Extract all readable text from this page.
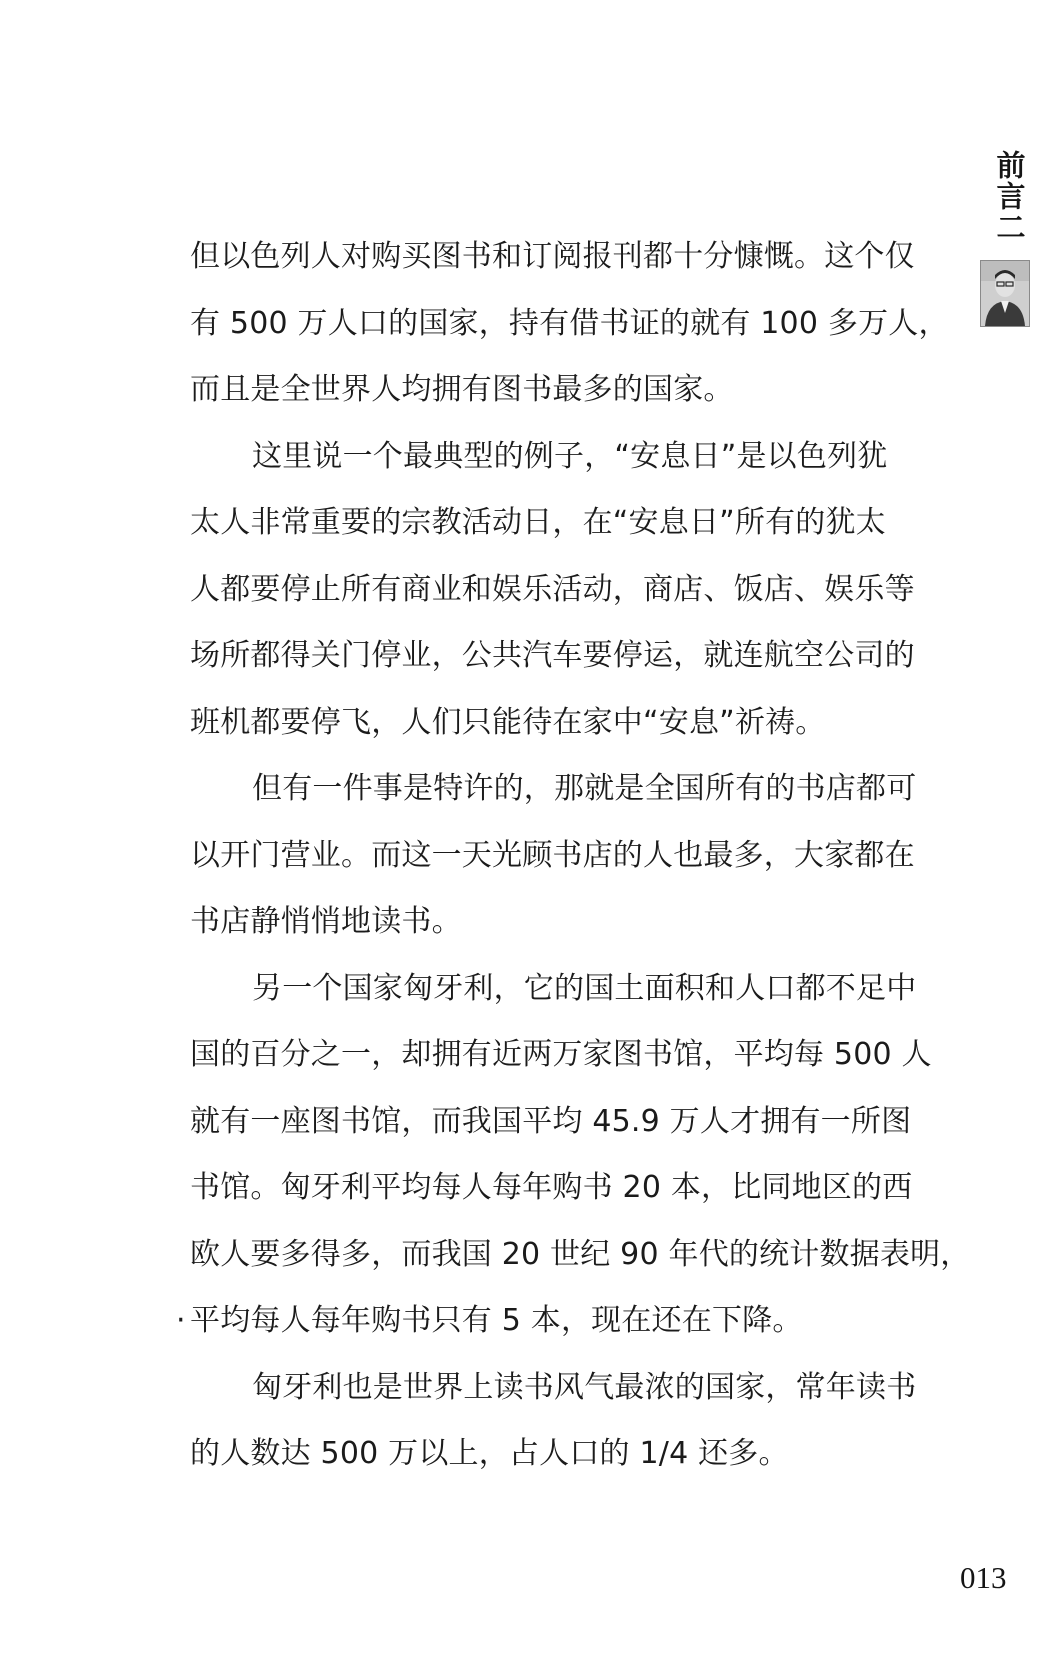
前言二

但以色列人对购买图书和订阅报刊都十分慷慨。这个仅

有 500 万人口的国家，持有借书证的就有 100 多万人，

而且是全世界人均拥有图书最多的国家。

这里说一个最典型的例子，“安息日”是以色列犹

太人非常重要的宗教活动日，在“安息日”所有的犹太

人都要停止所有商业和娱乐活动，商店、饭店、娱乐等

场所都得关门停业，公共汽车要停运，就连航空公司的

班机都要停飞，人们只能待在家中“安息”祈祷。

但有一件事是特许的，那就是全国所有的书店都可

以开门营业。而这一天光顾书店的人也最多，大家都在

书店静悄悄地读书。

另一个国家匈牙利，它的国土面积和人口都不足中

国的百分之一，却拥有近两万家图书馆，平均每 500 人

就有一座图书馆，而我国平均 45.9 万人才拥有一所图

书馆。匈牙利平均每人每年购书 20 本，比同地区的西

欧人要多得多，而我国 20 世纪 90 年代的统计数据表明，

· 平均每人每年购书只有 5 本，现在还在下降。

匈牙利也是世界上读书风气最浓的国家，常年读书

的人数达 500 万以上，占人口的 1/4 还多。

013
